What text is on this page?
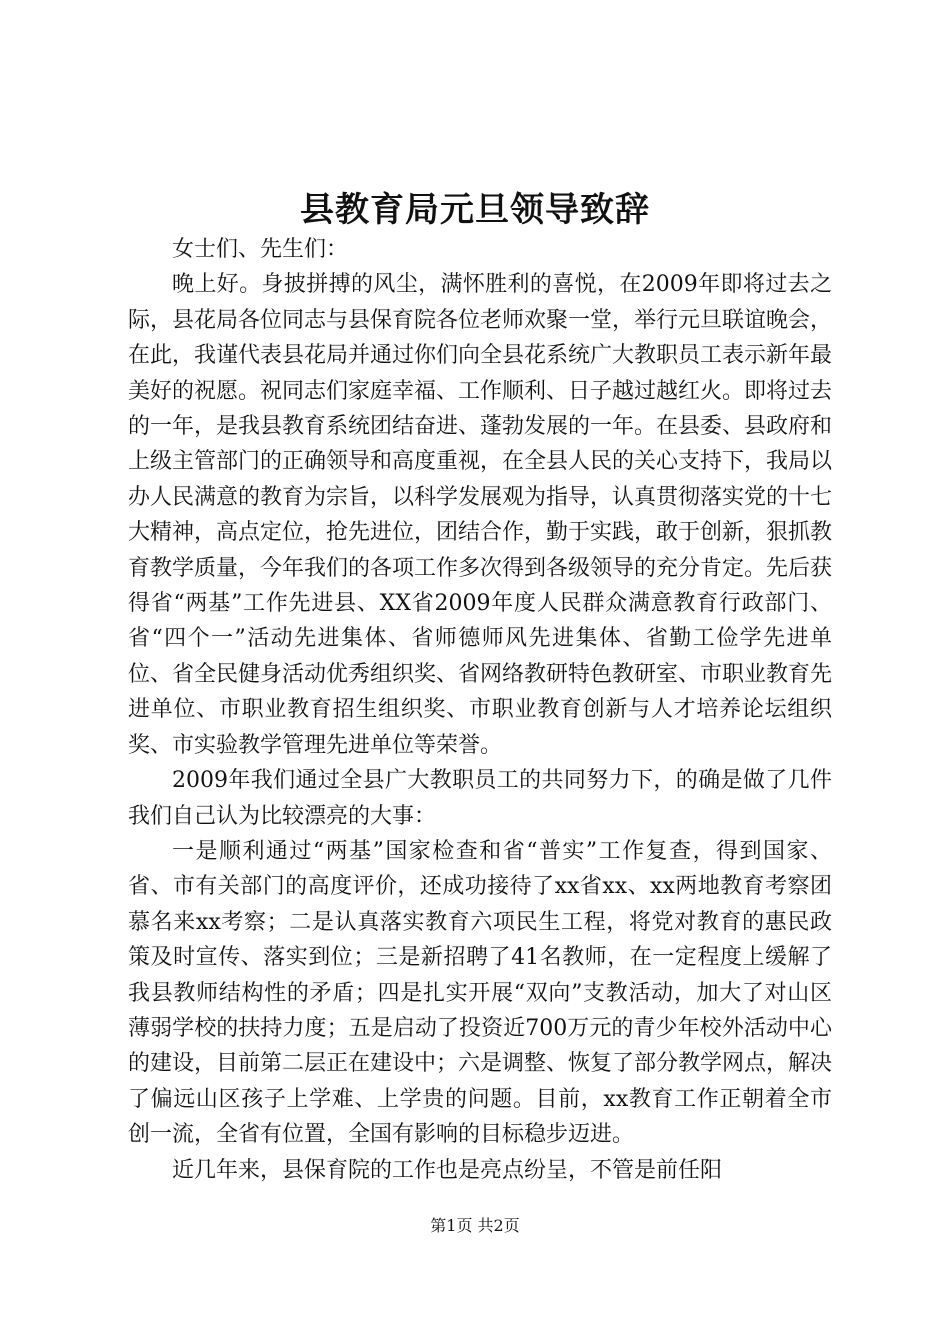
县教育局元旦领导致辞

女士们、先生们：

晚上好。身披拼搏的风尘，满怀胜利的喜悦，在2009年即将过去之际，县花局各位同志与县保育院各位老师欢聚一堂，举行元旦联谊晚会，在此，我谨代表县花局并通过你们向全县花系统广大教职员工表示新年最美好的祝愿。祝同志们家庭幸福、工作顺利、日子越过越红火。即将过去的一年，是我县教育系统团结奋进、蓬勃发展的一年。在县委、县政府和上级主管部门的正确领导和高度重视，在全县人民的关心支持下，我局以办人民满意的教育为宗旨，以科学发展观为指导，认真贯彻落实党的十七大精神，高点定位，抢先进位，团结合作，勤于实践，敢于创新，狠抓教育教学质量，今年我们的各项工作多次得到各级领导的充分肯定。先后获得省“两基”工作先进县、XX省2009年度人民群众满意教育行政部门、省“四个一”活动先进集体、省师德师风先进集体、省勤工俭学先进单位、省全民健身活动优秀组织奖、省网络教研特色教研室、市职业教育先进单位、市职业教育招生组织奖、市职业教育创新与人才培养论坛组织奖、市实验教学管理先进单位等荣誉。

2009年我们通过全县广大教职员工的共同努力下，的确是做了几件我们自己认为比较漂亮的大事：

一是顺利通过“两基”国家检查和省“普实”工作复查，得到国家、省、市有关部门的高度评价，还成功接待了xx省xx、xx两地教育考察团慕名来xx考察；二是认真落实教育六项民生工程，将党对教育的惠民政策及时宣传、落实到位；三是新招聘了41名教师，在一定程度上缓解了我县教师结构性的矛盾；四是扎实开展“双向”支教活动，加大了对山区薄弱学校的扶持力度；五是启动了投资近700万元的青少年校外活动中心的建设，目前第二层正在建设中；六是调整、恢复了部分教学网点，解决了偏远山区孩子上学难、上学贵的问题。目前，xx教育工作正朝着全市创一流，全省有位置，全国有影响的目标稳步迈进。

近几年来，县保育院的工作也是亮点纷呈，不管是前任阳

第1页 共2页
